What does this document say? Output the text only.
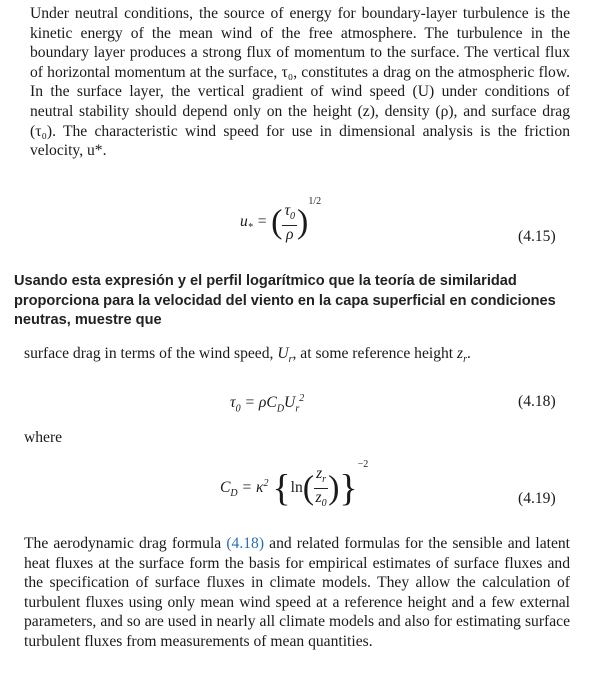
Under neutral conditions, the source of energy for boundary-layer turbulence is the kinetic energy of the mean wind of the free atmosphere. The turbulence in the boundary layer produces a strong flux of momentum to the surface. The vertical flux of horizontal momentum at the surface, τ₀, constitutes a drag on the atmospheric flow. In the surface layer, the vertical gradient of wind speed (U) under conditions of neutral stability should depend only on the height (z), density (ρ), and surface drag (τ₀). The characteristic wind speed for use in dimensional analysis is the friction velocity, u*.
$u_*$ = ( $\frac{\tau_0}{\rho} )^{1/2}$
(4.15)
Usando esta expresión y el perfil logarítmico que la teoría de similaridad proporciona para la velocidad del viento en la capa superficial en condiciones neutras, muestre que
surface drag in terms of the wind speed, $U_r$, at some reference height $z_r$.
$\tau_0 = \rho C_DU_r^2$	(4.18)
where
$C_D = \kappa^2$ $\{\ln( \frac{z_r}{z_0} )\}^{-2}$
(4.19)
The aerodynamic drag formula (4.18) and related formulas for the sensible and latent heat fluxes at the surface form the basis for empirical estimates of surface fluxes and the specification of surface fluxes in climate models. They allow the calculation of turbulent fluxes using only mean wind speed at a reference height and a few external parameters, and so are used in nearly all climate models and also for estimating surface turbulent fluxes from measurements of mean quantities.
